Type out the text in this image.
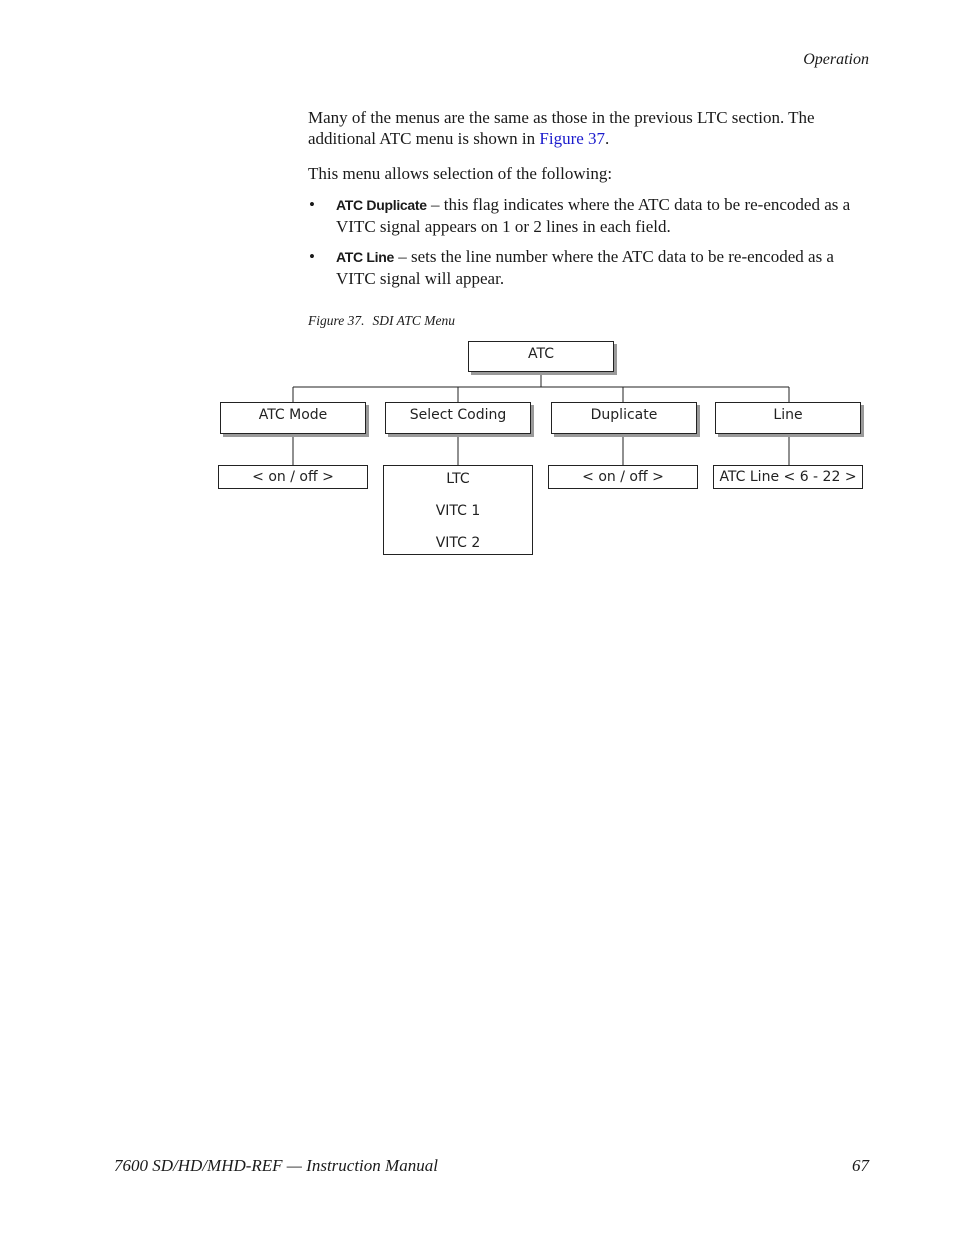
Operation

Many of the menus are the same as those in the previous LTC section. The additional ATC menu is shown in Figure 37.

This menu allows selection of the following:

• ATC Duplicate – this flag indicates where the ATC data to be re-encoded as a VITC signal appears on 1 or 2 lines in each field.
• ATC Line – sets the line number where the ATC data to be re-encoded as a VITC signal will appear.
Figure 37. SDI ATC Menu
ATC
ATC Mode	Select Coding	Duplicate	Line
< on / off >	LTC
VITC 1
VITC 2
< on / off >	ATC Line < 6 - 22 >
7600 SD/HD/MHD-REF — Instruction Manual	67
